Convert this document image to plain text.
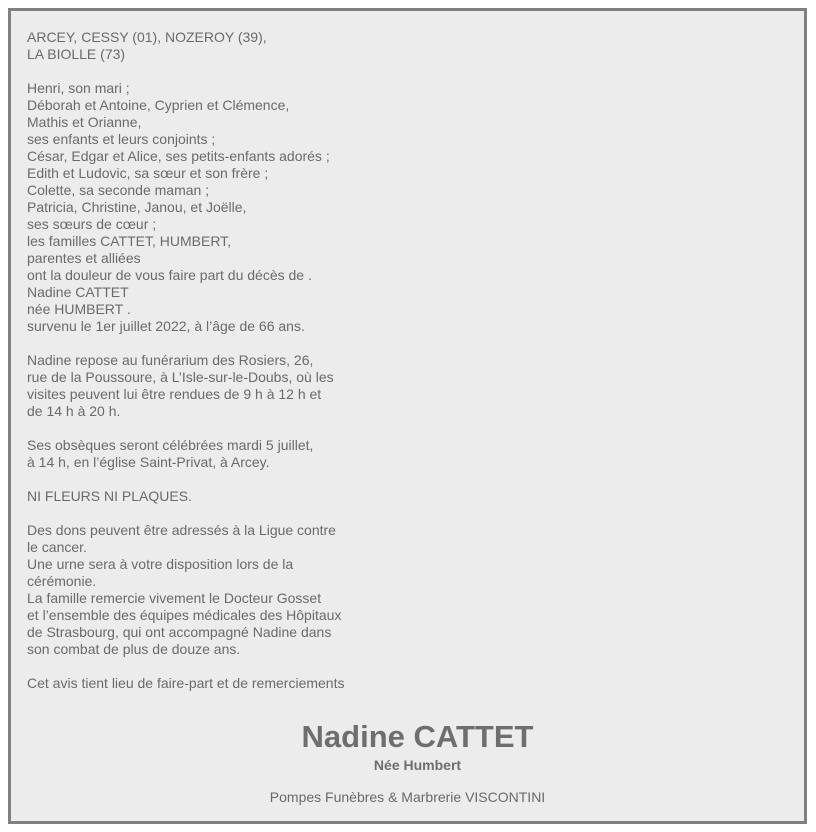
ARCEY, CESSY (01), NOZEROY (39),
LA BIOLLE (73)
Henri, son mari ;
Déborah et Antoine, Cyprien et Clémence,
Mathis et Orianne,
ses enfants et leurs conjoints ;
César, Edgar et Alice, ses petits-enfants adorés ;
Edith et Ludovic, sa sœur et son frère ;
Colette, sa seconde maman ;
Patricia, Christine, Janou, et Joëlle,
ses sœurs de cœur ;
les familles CATTET, HUMBERT,
parentes et alliées
ont la douleur de vous faire part du décès de .
Nadine CATTET
née HUMBERT .
survenu le 1er juillet 2022, à l’âge de 66 ans.
Nadine repose au funérarium des Rosiers, 26,
rue de la Poussoure, à L’Isle-sur-le-Doubs, où les
visites peuvent lui être rendues de 9 h à 12 h et
de 14 h à 20 h.
Ses obsèques seront célébrées mardi 5 juillet,
à 14 h, en l’église Saint-Privat, à Arcey.
NI FLEURS NI PLAQUES.
Des dons peuvent être adressés à la Ligue contre
le cancer.
Une urne sera à votre disposition lors de la
cérémonie.
La famille remercie vivement le Docteur Gosset
et l’ensemble des équipes médicales des Hôpitaux
de Strasbourg, qui ont accompagné Nadine dans
son combat de plus de douze ans.
Cet avis tient lieu de faire-part et de remerciements
Nadine CATTET
Née Humbert
Pompes Funèbres & Marbrerie VISCONTINI
